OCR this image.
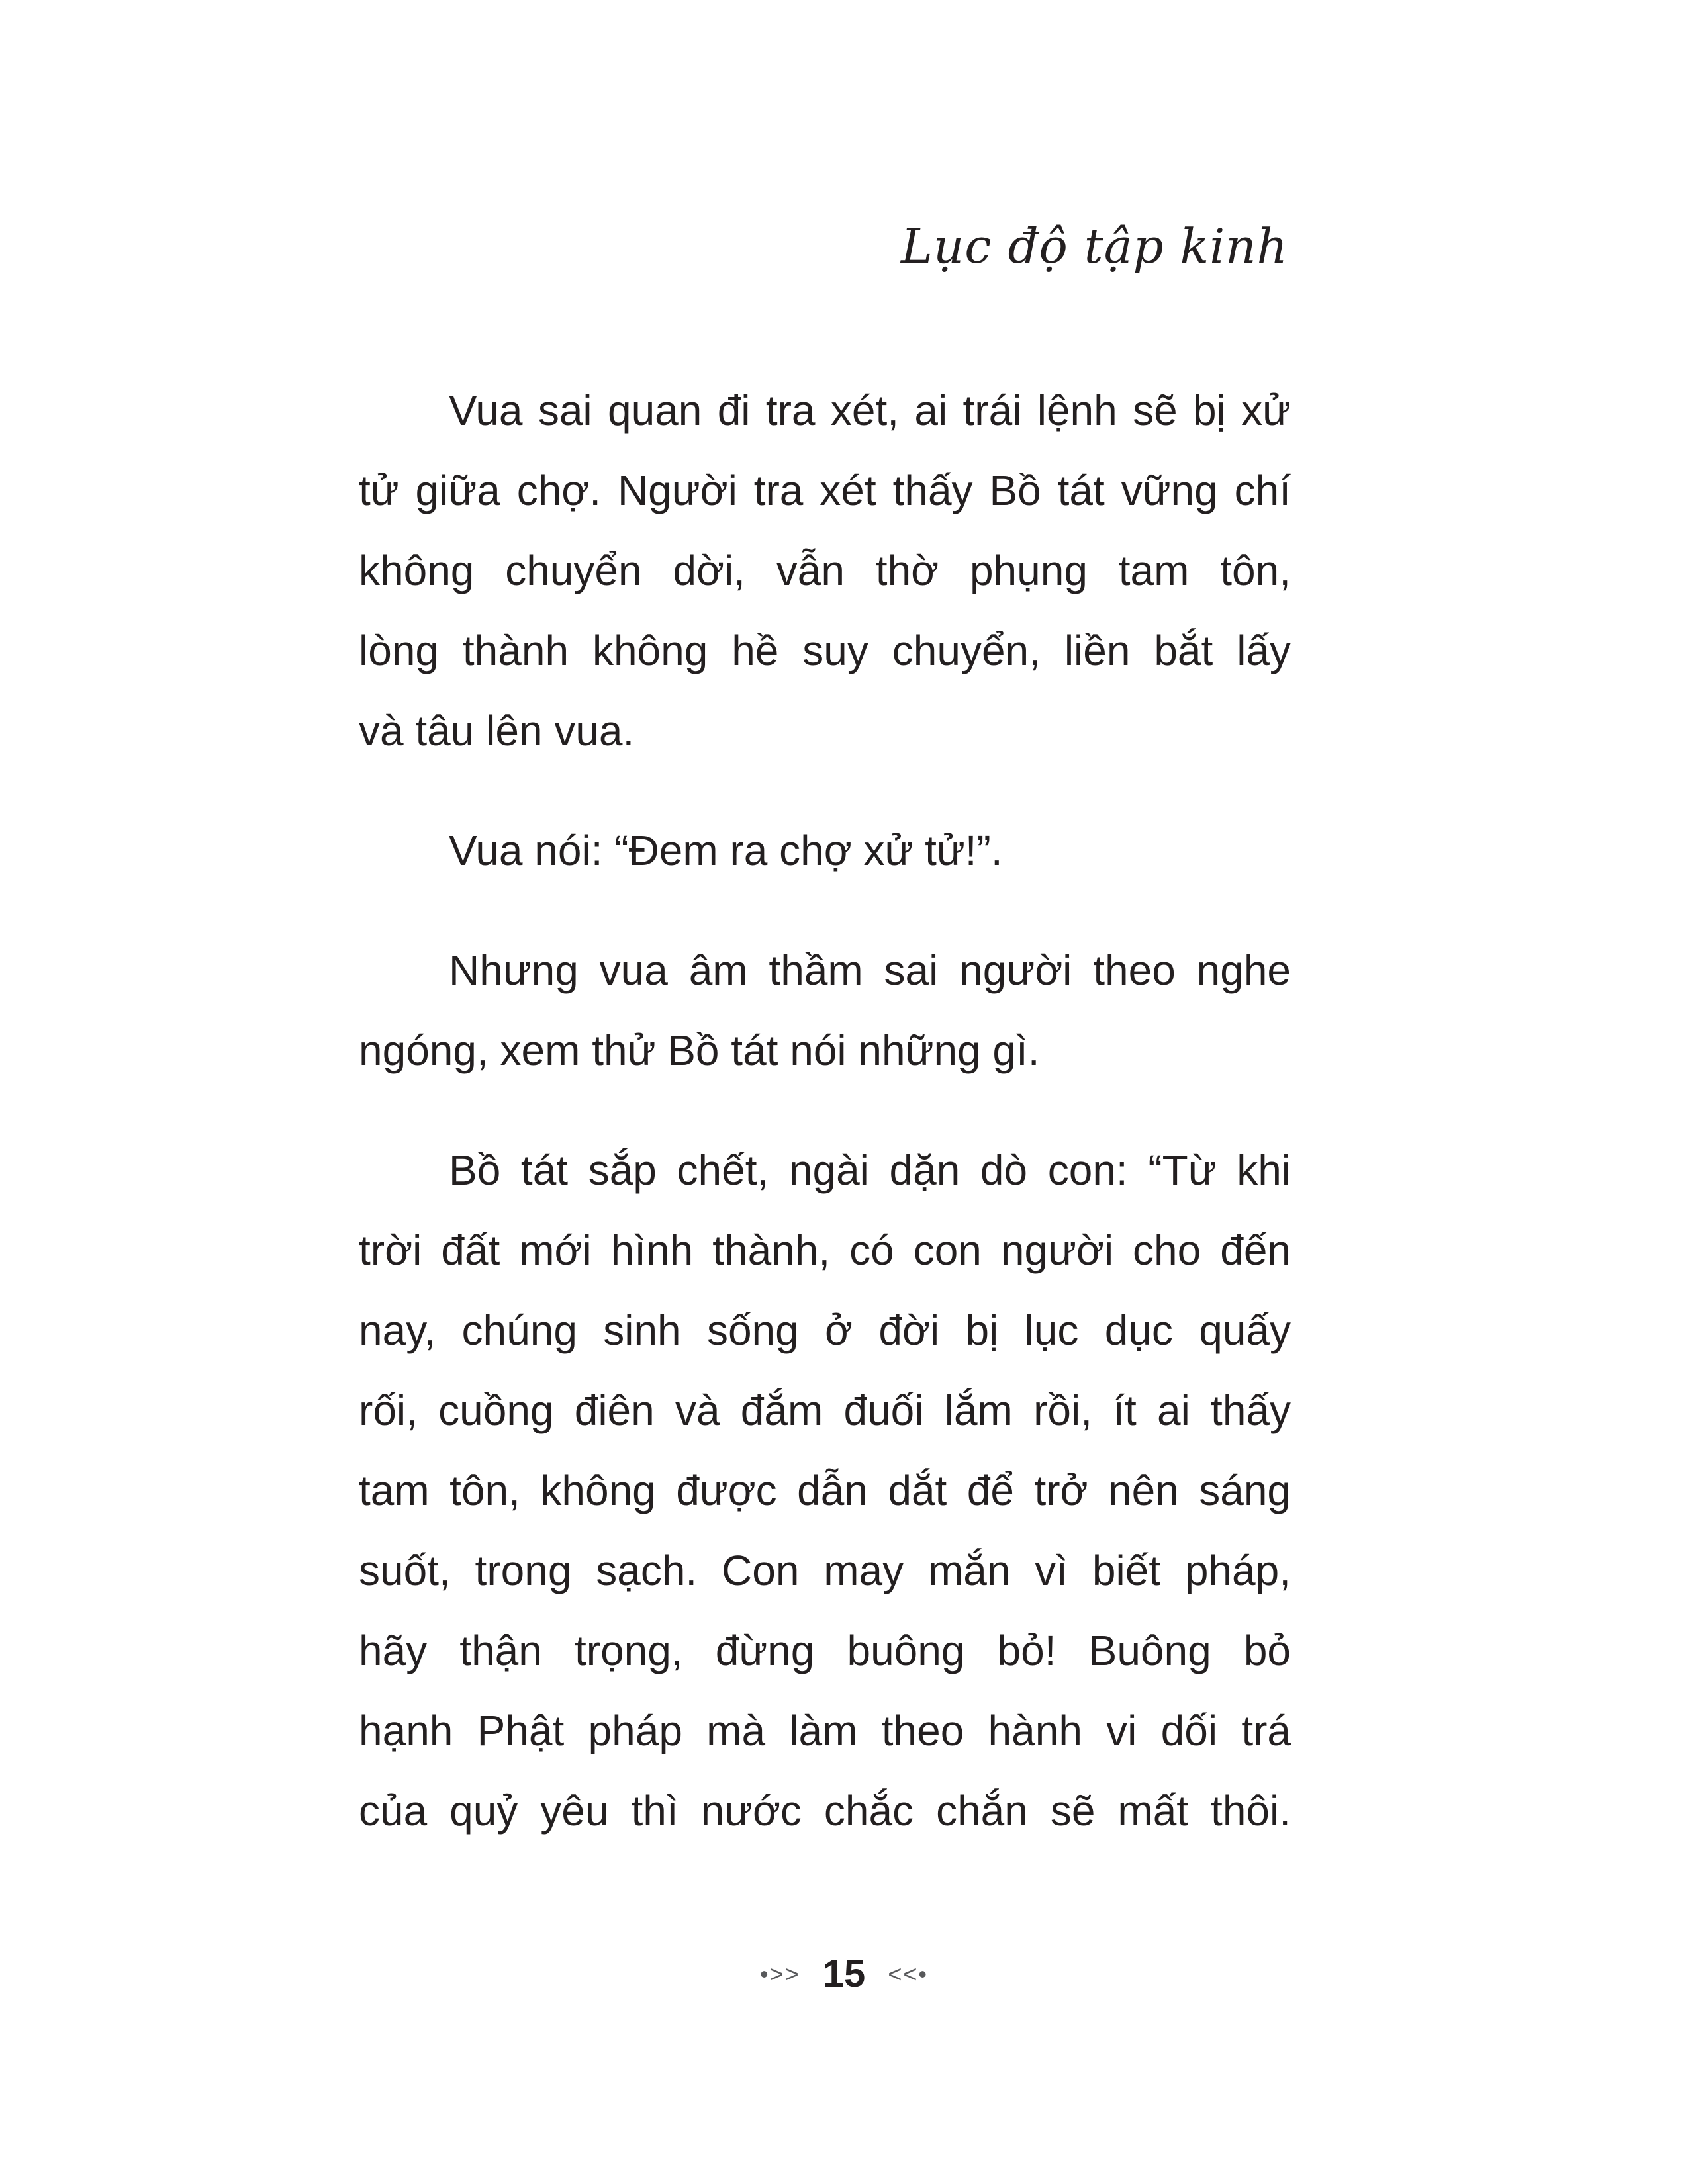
Lục độ tập kinh

Vua sai quan đi tra xét, ai trái lệnh sẽ bị xử
tử giữa chợ. Người tra xét thấy Bồ tát vững chí
không chuyển dời, vẫn thờ phụng tam tôn,
lòng thành không hề suy chuyển, liền bắt lấy
và tâu lên vua.

Vua nói: “Đem ra chợ xử tử!”.

Nhưng vua âm thầm sai người theo nghe
ngóng, xem thử Bồ tát nói những gì.

Bồ tát sắp chết, ngài dặn dò con: “Từ khi
trời đất mới hình thành, có con người cho đến
nay, chúng sinh sống ở đời bị lục dục quấy
rối, cuồng điên và đắm đuối lắm rồi, ít ai thấy
tam tôn, không được dẫn dắt để trở nên sáng
suốt, trong sạch. Con may mắn vì biết pháp,
hãy thận trọng, đừng buông bỏ! Buông bỏ
hạnh Phật pháp mà làm theo hành vi dối trá
của quỷ yêu thì nước chắc chắn sẽ mất thôi.

•>> 15 <<•
